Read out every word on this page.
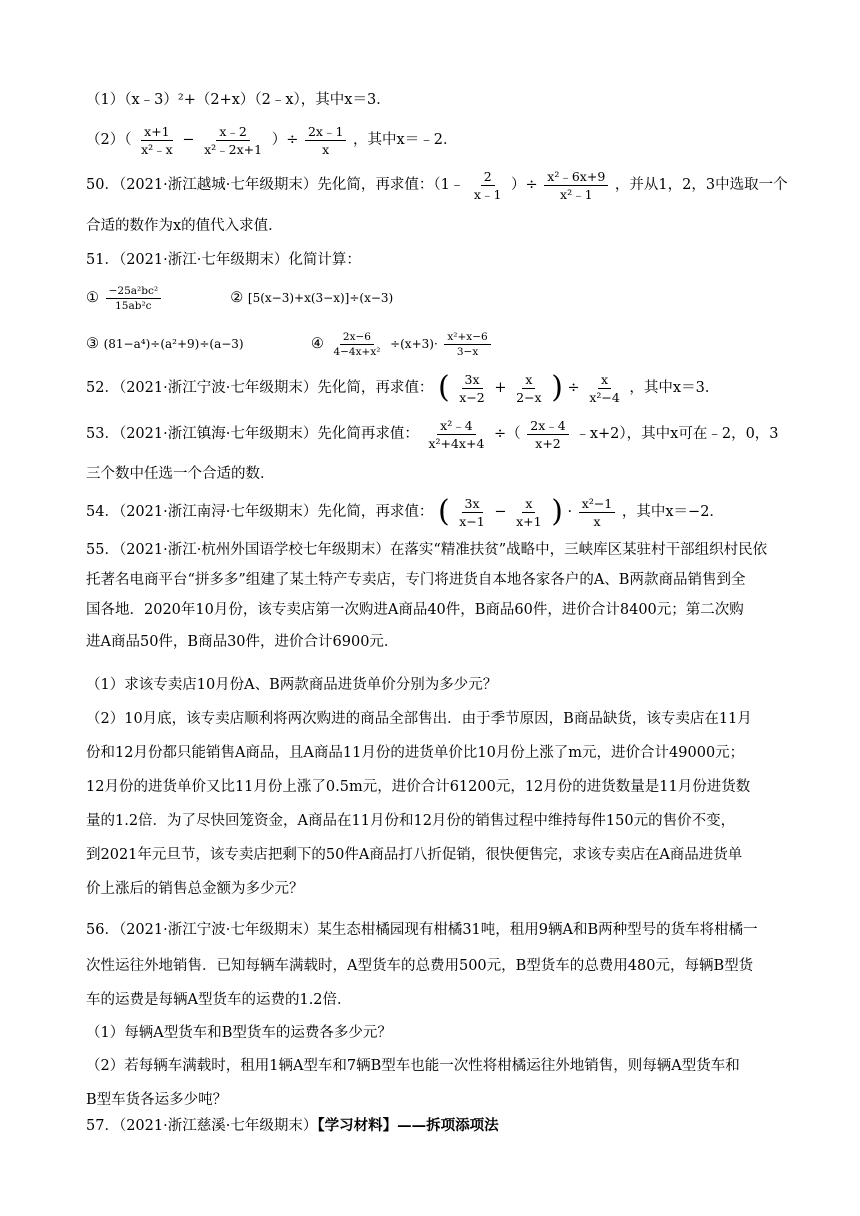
（1）（x﹣3）²+（2+x）（2﹣x），其中x＝3．
$(2)( \frac{x+1}{\text{x²﹣x}} - \frac{x﹣2}{\text{x²﹣2x+1}}$ ）÷ $\frac{2x﹣1}{x}$ ，其中x＝﹣2．
50．（2021·浙江越城·七年级期末）先化简，再求值：（1﹣ $\frac{2}{x﹣1}$ ）÷ $\frac{\text{x²﹣6x+9}}{\text{x²﹣1}}$ ，并从1，2，3中选取一个
合适的数作为x的值代入求值．
51．（2021·浙江·七年级期末）化简计算：
① $\frac{\text{−25a²bc²}}{\text{15ab²c}}$	② [5(x−3)+x(3−x)]÷(x−3)
③ (81−a⁴)÷(a²+9)÷(a−3)	④ $\frac{2x-6}{\text{4−4x+x²}} \div(x+3)\cdot \frac{\text{x²+x−6}}{3-x}$
52．（2021·浙江宁波·七年级期末）先化简，再求值： ( $\frac{3x}{x-2} + \frac{x}{2-x}$ ) ÷ $\frac{x}{\text{x²−4}}$ ，其中x＝3．
53．（2021·浙江镇海·七年级期末）先化简再求值： $\frac{\text{x²﹣4}}{\text{x²+4x+4}}$ ÷（ $\frac{2x﹣4}{x+2}$ ﹣x+2），其中x可在﹣2，0，3
三个数中任选一个合适的数．
54．（2021·浙江南浔·七年级期末）先化简，再求值： ( $\frac{3x}{x-1} - \frac{x}{x+1}$ ) · $\frac{\text{x²−1}}{x}$ ，其中x＝−2．
55．（2021·浙江·杭州外国语学校七年级期末）在落实“精准扶贫”战略中，三峡库区某驻村干部组织村民依
托著名电商平台“拼多多”组建了某土特产专卖店，专门将进货自本地各家各户的A、B两款商品销售到全
国各地．2020年10月份，该专卖店第一次购进A商品40件，B商品60件，进价合计8400元；第二次购
进A商品50件，B商品30件，进价合计6900元．
（1）求该专卖店10月份A、B两款商品进货单价分别为多少元？
（2）10月底，该专卖店顺利将两次购进的商品全部售出．由于季节原因，B商品缺货，该专卖店在11月
份和12月份都只能销售A商品，且A商品11月份的进货单价比10月份上涨了m元，进价合计49000元；
12月份的进货单价又比11月份上涨了0.5m元，进价合计61200元，12月份的进货数量是11月份进货数
量的1.2倍．为了尽快回笼资金，A商品在11月份和12月份的销售过程中维持每件150元的售价不变，
到2021年元旦节，该专卖店把剩下的50件A商品打八折促销，很快便售完，求该专卖店在A商品进货单
价上涨后的销售总金额为多少元？
56．（2021·浙江宁波·七年级期末）某生态柑橘园现有柑橘31吨，租用9辆A和B两种型号的货车将柑橘一
次性运往外地销售．已知每辆车满载时，A型货车的总费用500元，B型货车的总费用480元，每辆B型货
车的运费是每辆A型货车的运费的1.2倍．
（1）每辆A型货车和B型货车的运费各多少元？
（2）若每辆车满载时，租用1辆A型车和7辆B型车也能一次性将柑橘运往外地销售，则每辆A型货车和
B型车货各运多少吨？
57．（2021·浙江慈溪·七年级期末）【学习材料】——拆项添项法
